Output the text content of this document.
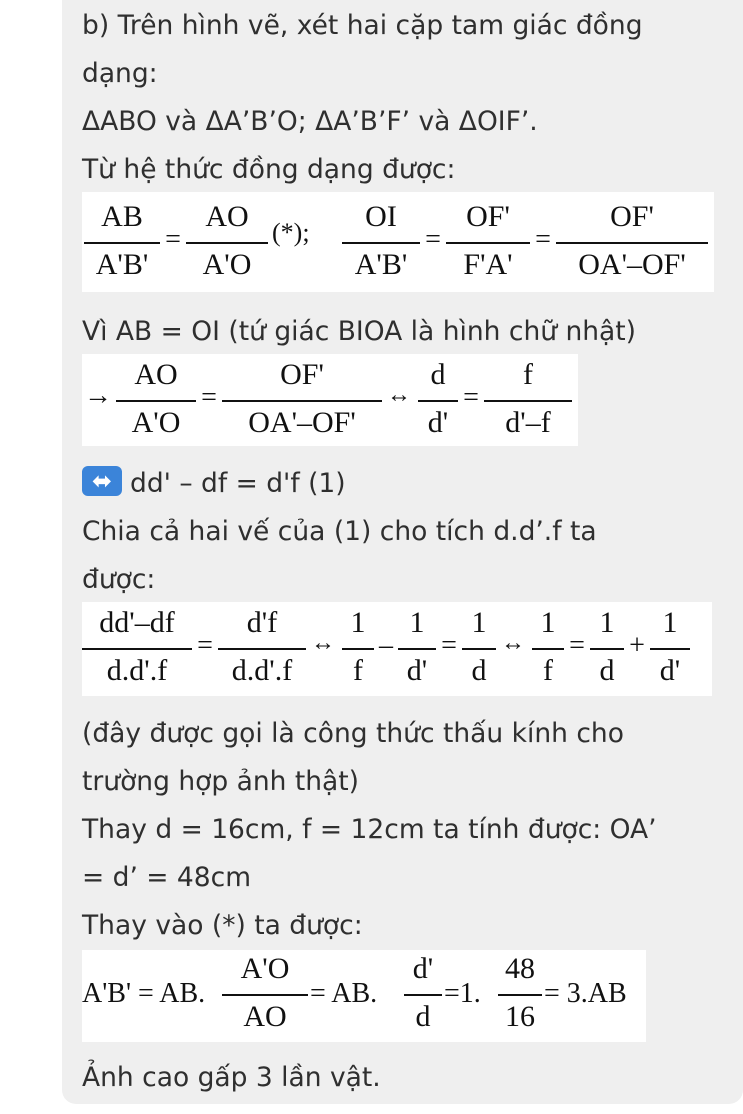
b) Trên hình vẽ, xét hai cặp tam giác đồng
dạng:
ΔABO và ΔA’B’O; ΔA’B’F’ và ΔOIF’.
Từ hệ thức đồng dạng được:
AB
A'B'
=
AO
A'O
(*);	OI
A'B'
=
OF'
F'A'
=
OF'
OA'–OF'
Vì AB = OI (tứ giác BIOA là hình chữ nhật)
→
AO
A'O
=
OF'
OA'–OF'
↔
d
d'
=
f
d'–f
⬌ dd' – df = d'f (1)
Chia cả hai vế của (1) cho tích d.d’.f ta
được:
dd'–df
d.d'.f
=
d'f
d.d'.f
↔
1
f
–
1
d'
=
1
d
↔
1
f
=
1
d
+
1
d'
(đây được gọi là công thức thấu kính cho
trường hợp ảnh thật)
Thay d = 16cm, f = 12cm ta tính được: OA’
= d’ = 48cm
Thay vào (*) ta được:
A'B' = AB.
A'O
AO
= AB.
d'
d
=1.
48
16
= 3.AB
Ảnh cao gấp 3 lần vật.
